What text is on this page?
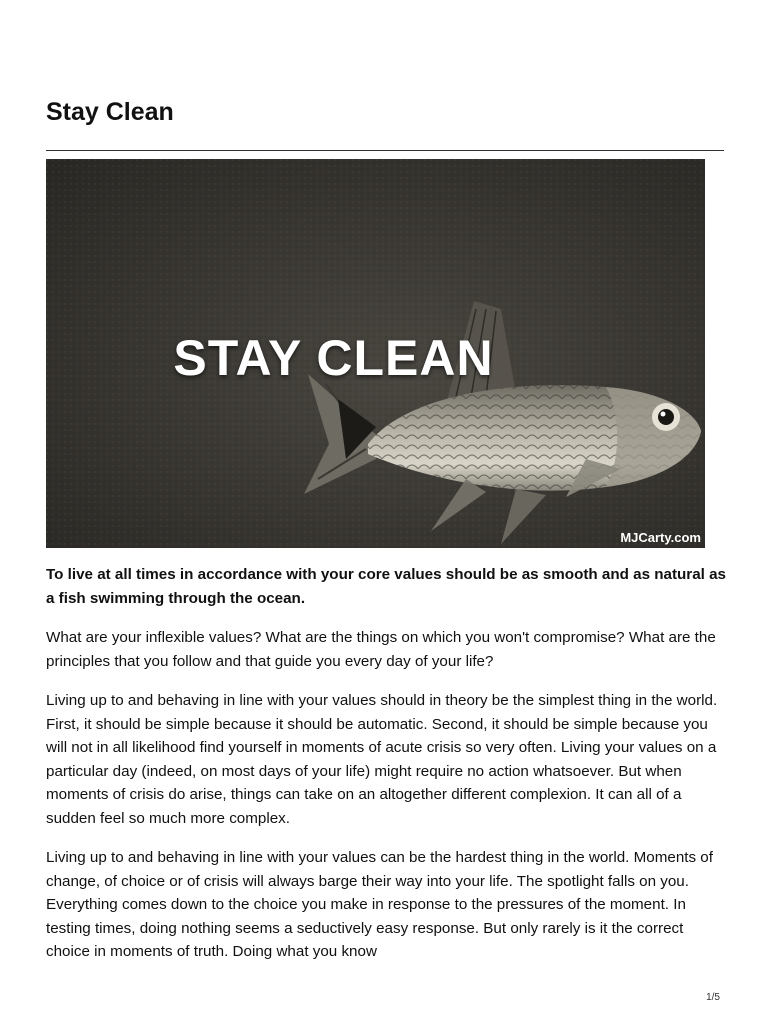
Stay Clean
STAY CLEAN
MJCarty.com

To live at all times in accordance with your core values should be as smooth and as natural as a fish swimming through the ocean.

What are your inflexible values? What are the things on which you won't compromise? What are the principles that you follow and that guide you every day of your life?

Living up to and behaving in line with your values should in theory be the simplest thing in the world. First, it should be simple because it should be automatic. Second, it should be simple because you will not in all likelihood find yourself in moments of acute crisis so very often. Living your values on a particular day (indeed, on most days of your life) might require no action whatsoever. But when moments of crisis do arise, things can take on an altogether different complexion. It can all of a sudden feel so much more complex.

Living up to and behaving in line with your values can be the hardest thing in the world. Moments of change, of choice or of crisis will always barge their way into your life. The spotlight falls on you. Everything comes down to the choice you make in response to the pressures of the moment. In testing times, doing nothing seems a seductively easy response. But only rarely is it the correct choice in moments of truth. Doing what you know

1/5
